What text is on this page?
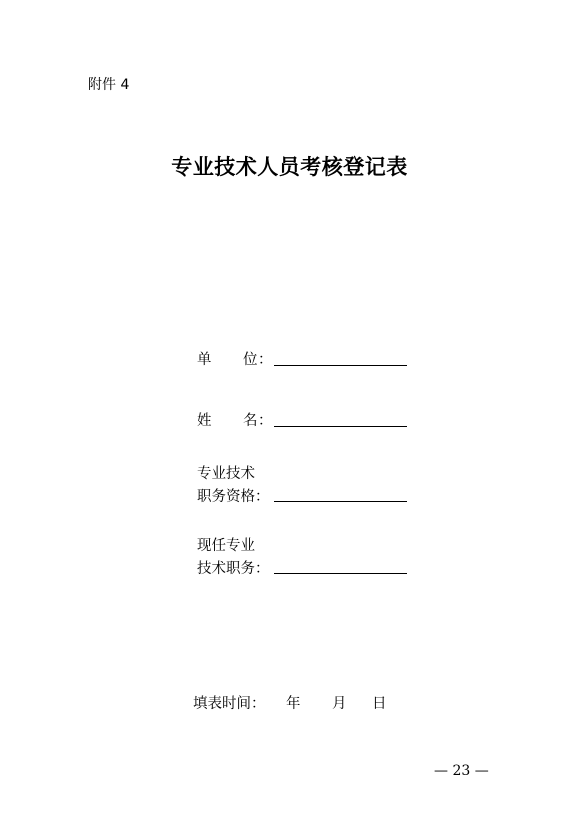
附件 4
专业技术人员考核登记表
单 位 ：
姓 名 ：
专业技术
职务资格：
现任专业
技术职务：
填表时间： 年 月 日
— 23 —
